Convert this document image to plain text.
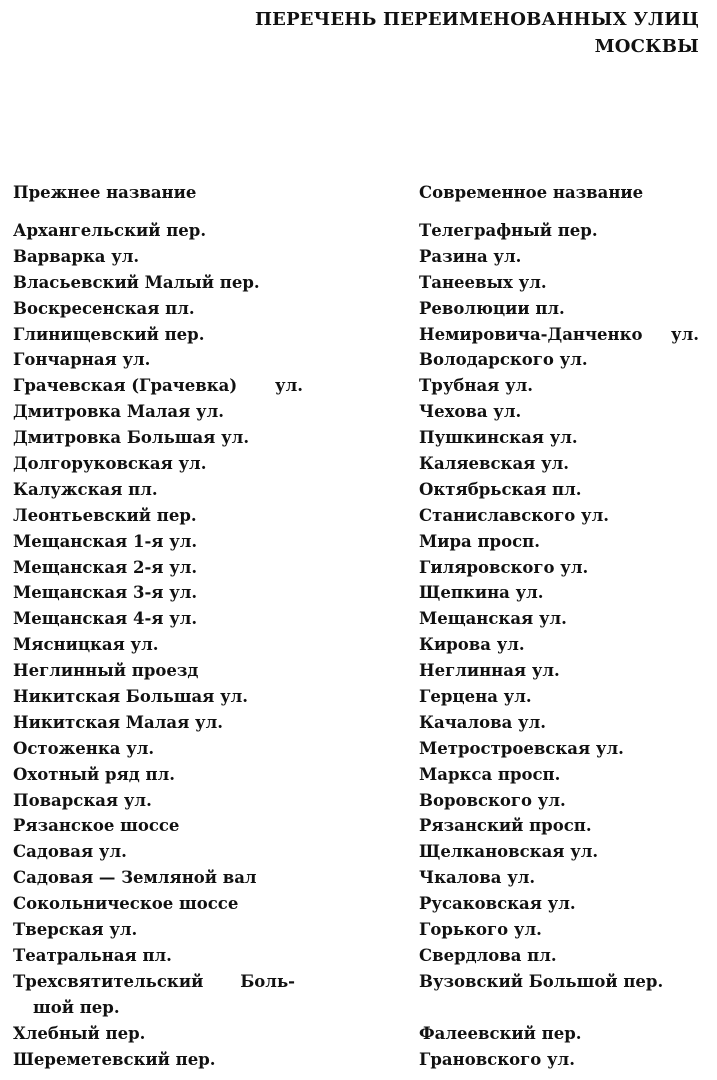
ПЕРЕЧЕНЬ ПЕРЕИМЕНОВАННЫХ УЛИЦ
МОСКВЫ
Прежнее название
Архангельский пер.
Варварка ул.
Власьевский Малый пер.
Воскресенская пл.
Глинищевский пер.
Гончарная ул.
Грачевская (Грачевка) ул.
Дмитровка Малая ул.
Дмитровка Большая ул.
Долгоруковская ул.
Калужская пл.
Леонтьевский пер.
Мещанская 1-я ул.
Мещанская 2-я ул.
Мещанская 3-я ул.
Мещанская 4-я ул.
Мясницкая ул.
Неглинный проезд
Никитская Большая ул.
Никитская Малая ул.
Остоженка ул.
Охотный ряд пл.
Поварская ул.
Рязанское шоссе
Садовая ул.
Садовая — Земляной вал
Сокольническое шоссе
Тверская ул.
Театральная пл.
Трехсвятительский Боль-
шой пер.
Хлебный пер.
Шереметевский пер.
Современное название
Телеграфный пер.
Разина ул.
Танеевых ул.
Революции пл.
Немировича-Данченко ул.
Володарского ул.
Трубная ул.
Чехова ул.
Пушкинская ул.
Каляевская ул.
Октябрьская пл.
Станиславского ул.
Мира просп.
Гиляровского ул.
Щепкина ул.
Мещанская ул.
Кирова ул.
Неглинная ул.
Герцена ул.
Качалова ул.
Метростроевская ул.
Маркса просп.
Воровского ул.
Рязанский просп.
Щелкановская ул.
Чкалова ул.
Русаковская ул.
Горького ул.
Свердлова пл.
Вузовский Большой пер.
Фалеевский пер.
Грановского ул.
